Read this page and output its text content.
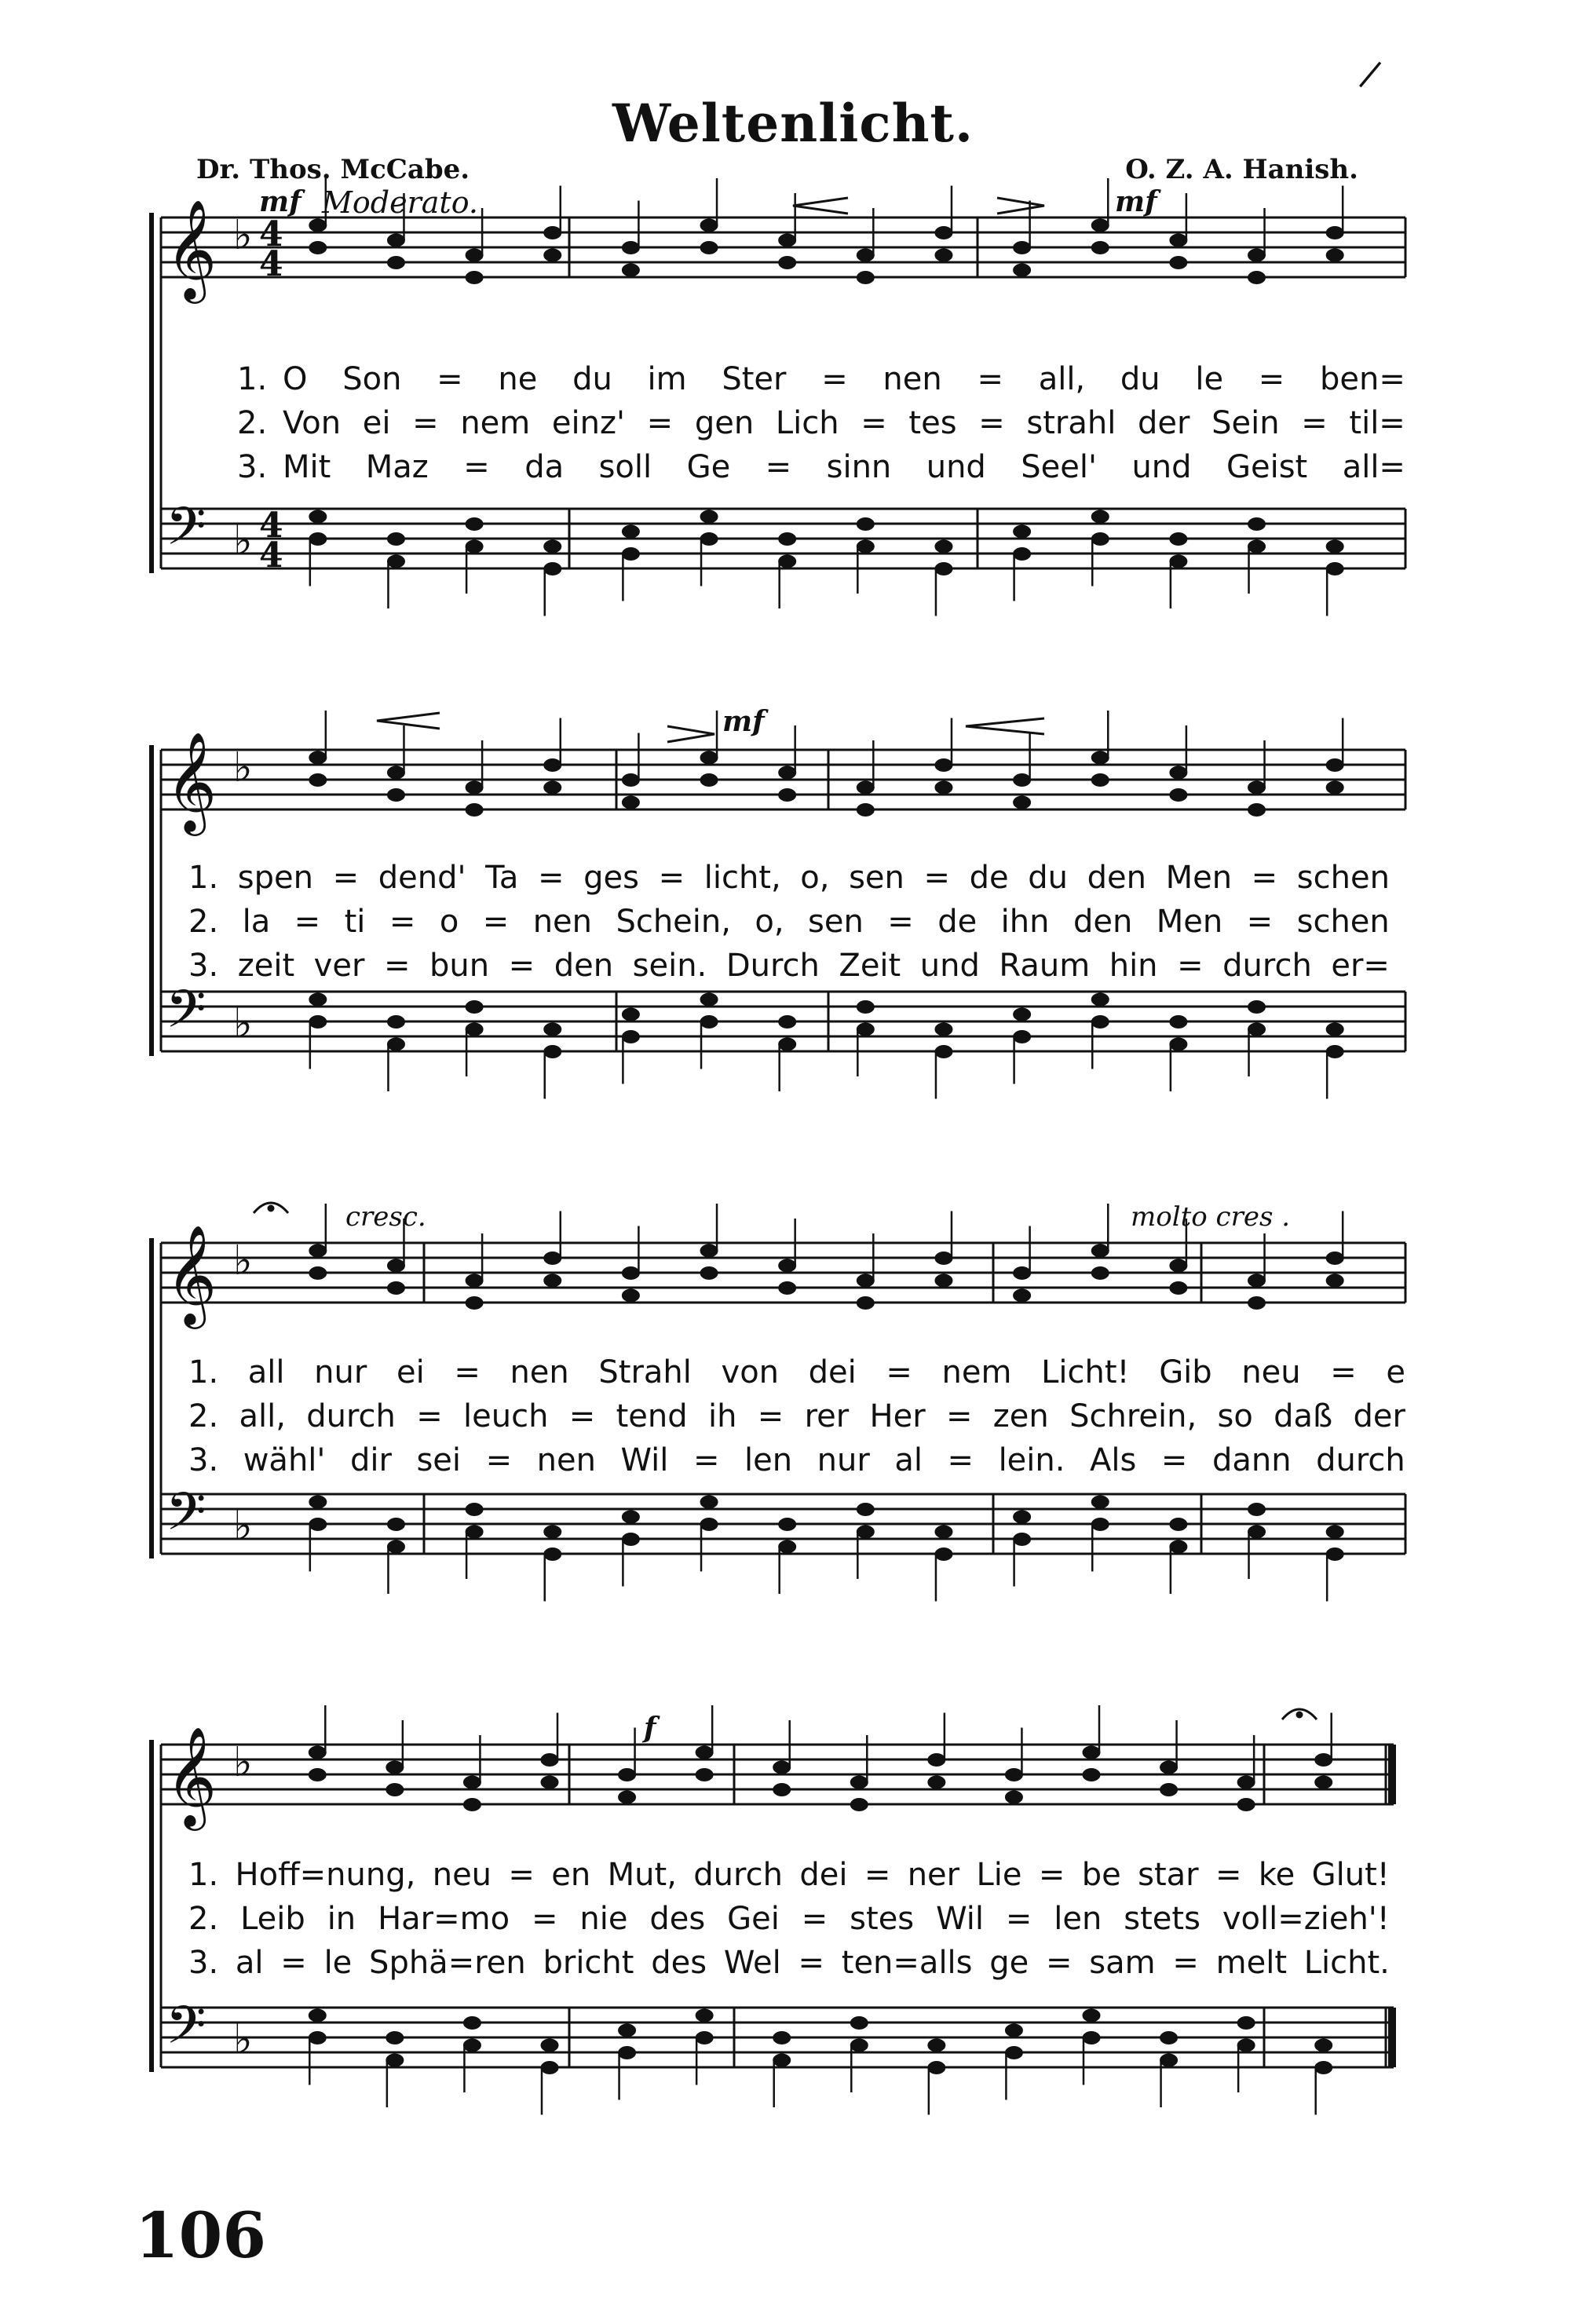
❘
Weltenlicht.
Dr. Thos. McCabe.	O. Z. A. Hanish.
mf Moderato.	mf
mf
cresc.	molto cres .
f
𝄞 ♭
𝄢 ♭
4
4
4
4
𝄞 ♭
𝄢 ♭
𝄞 ♭
𝄢 ♭
𝄞 ♭
𝄢 ♭
O Son = ne du im Ster = nen = all, du le = ben=
Von ei = nem einz' = gen Lich = tes = strahl der Sein = til=
Mit Maz = da soll Ge = sinn und Seel' und Geist all=
1.
2.
3.
1. spen = dend' Ta = ges = licht, o, sen = de du den Men = schen
2. la = ti = o = nen Schein, o, sen = de ihn den Men = schen
3. zeit ver = bun = den sein. Durch Zeit und Raum hin = durch er=
1. all nur ei = nen Strahl von dei = nem Licht! Gib neu = e
2. all, durch = leuch = tend ih = rer Her = zen Schrein, so daß der
3. wähl' dir sei = nen Wil = len nur al = lein. Als = dann durch
1. Hoff=nung, neu = en Mut, durch dei = ner Lie = be star = ke Glut!
2. Leib in Har=mo = nie des Gei = stes Wil = len stets voll=zieh'!
3. al = le Sphä=ren bricht des Wel = ten=alls ge = sam = melt Licht.
106
